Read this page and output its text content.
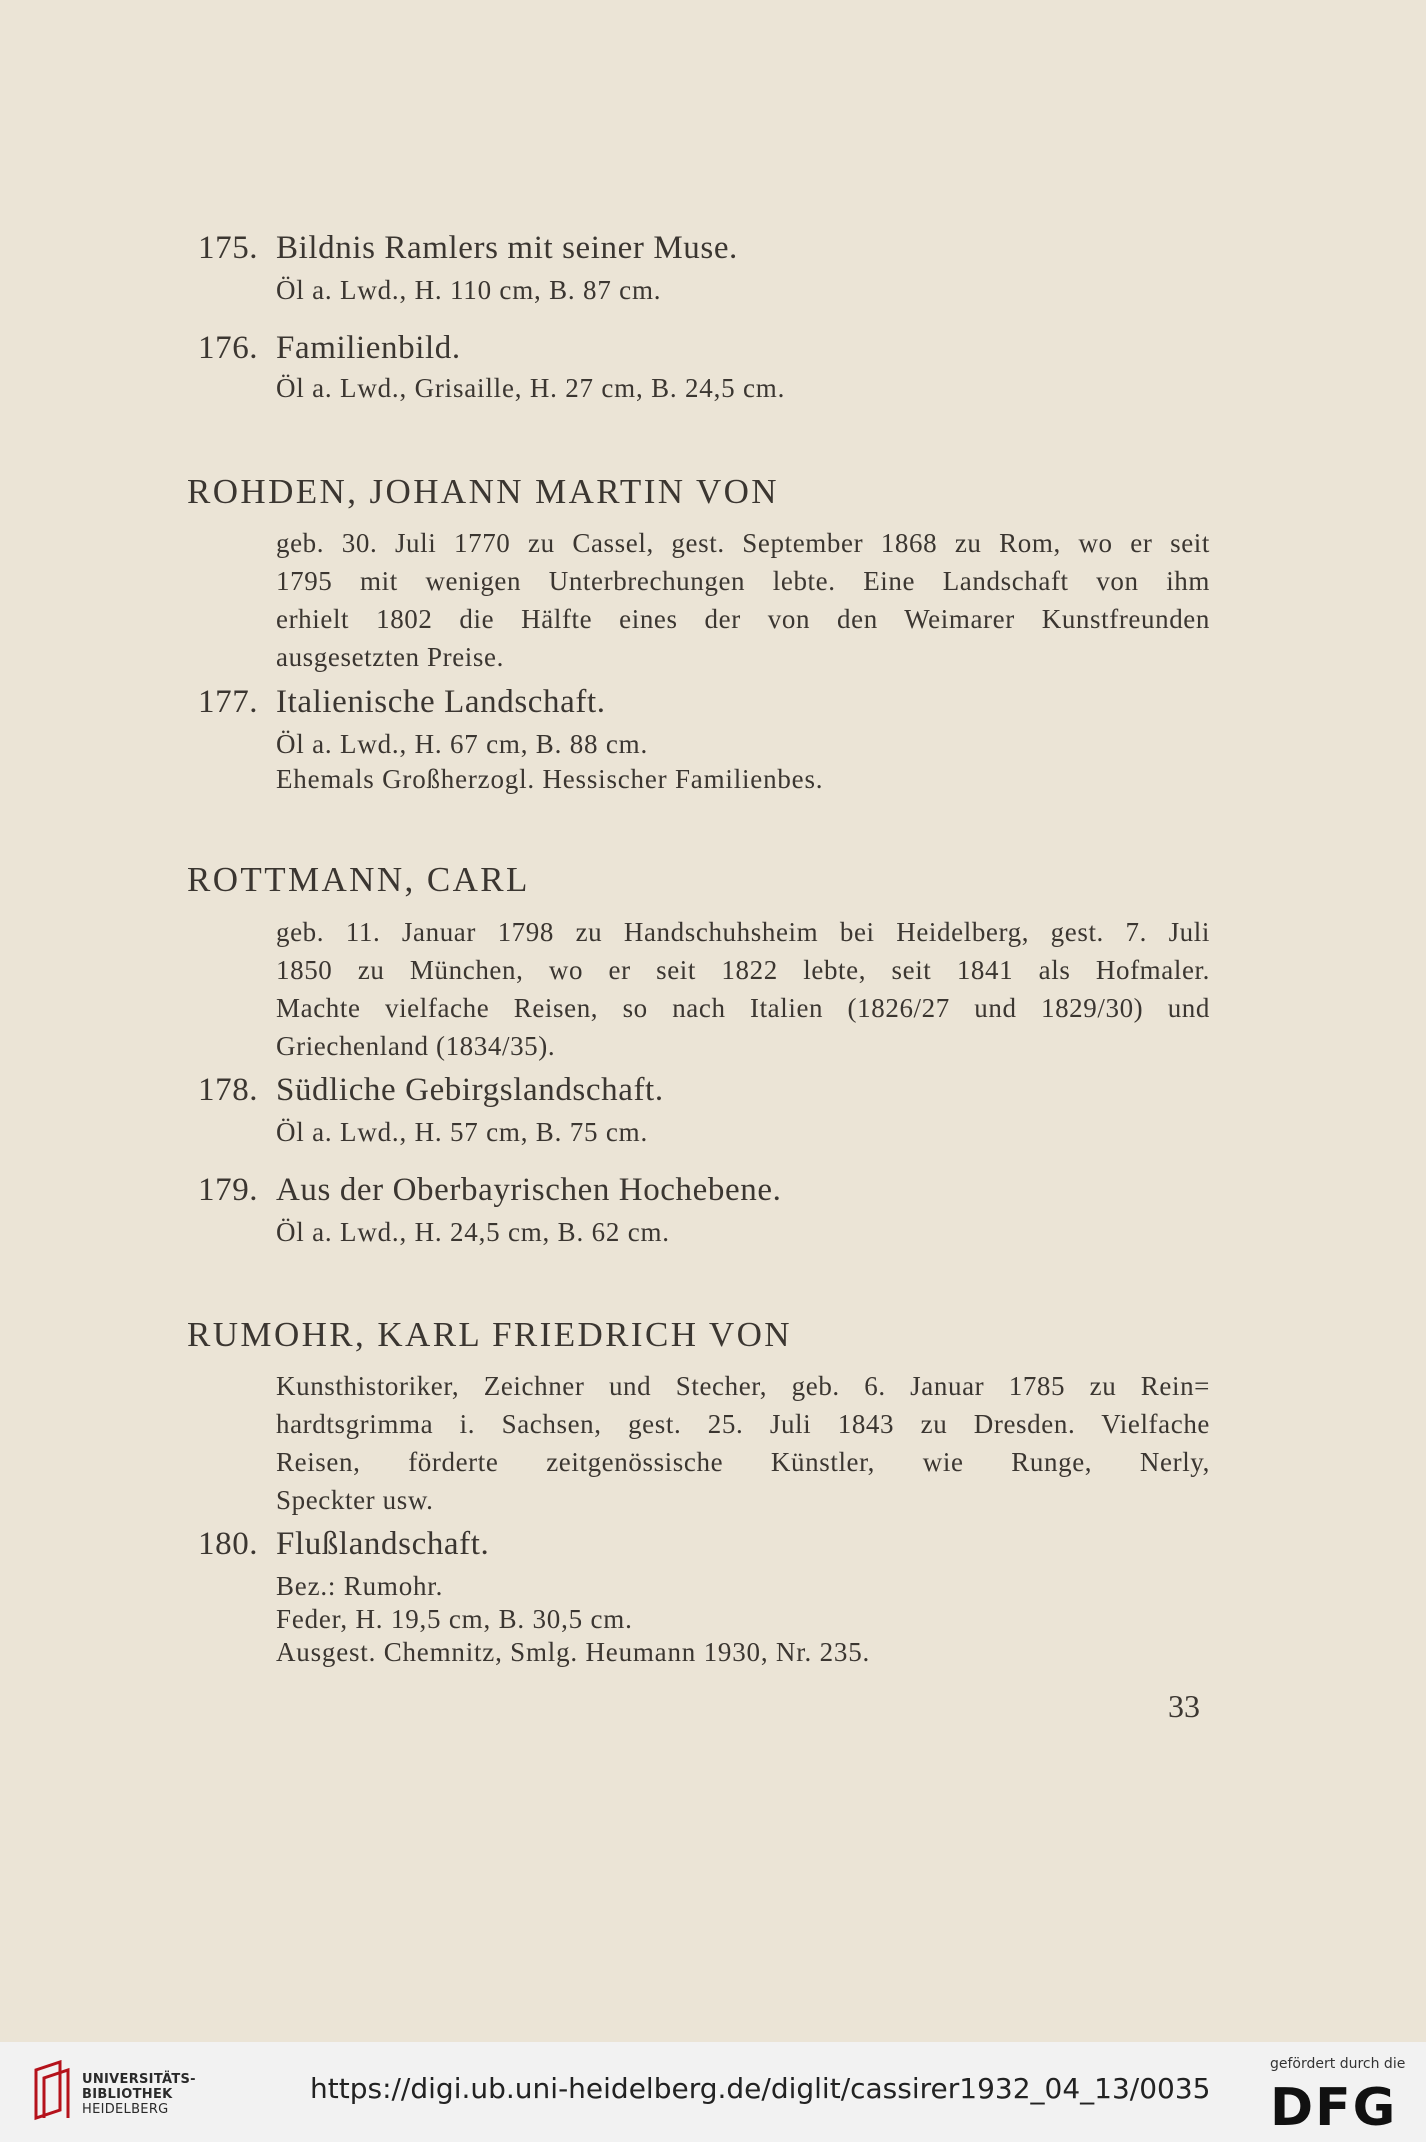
175. Bildnis Ramlers mit seiner Muse.
Öl a. Lwd., H. 110 cm, B. 87 cm.
176. Familienbild.
Öl a. Lwd., Grisaille, H. 27 cm, B. 24,5 cm.
ROHDEN, JOHANN MARTIN VON
geb. 30. Juli 1770 zu Cassel, gest. September 1868 zu Rom, wo er seit
1795 mit wenigen Unterbrechungen lebte. Eine Landschaft von ihm
erhielt 1802 die Hälfte eines der von den Weimarer Kunstfreunden
ausgesetzten Preise.
177. Italienische Landschaft.
Öl a. Lwd., H. 67 cm, B. 88 cm.
Ehemals Großherzogl. Hessischer Familienbes.
ROTTMANN, CARL
geb. 11. Januar 1798 zu Handschuhsheim bei Heidelberg, gest. 7. Juli
1850 zu München, wo er seit 1822 lebte, seit 1841 als Hofmaler.
Machte vielfache Reisen, so nach Italien (1826/27 und 1829/30) und
Griechenland (1834/35).
178. Südliche Gebirgslandschaft.
Öl a. Lwd., H. 57 cm, B. 75 cm.
179. Aus der Oberbayrischen Hochebene.
Öl a. Lwd., H. 24,5 cm, B. 62 cm.
RUMOHR, KARL FRIEDRICH VON
Kunsthistoriker, Zeichner und Stecher, geb. 6. Januar 1785 zu Rein=
hardtsgrimma i. Sachsen, gest. 25. Juli 1843 zu Dresden. Vielfache
Reisen, förderte zeitgenössische Künstler, wie Runge, Nerly,
Speckter usw.
180. Flußlandschaft.
Bez.: Rumohr.
Feder, H. 19,5 cm, B. 30,5 cm.
Ausgest. Chemnitz, Smlg. Heumann 1930, Nr. 235.
33
UNIVERSITÄTS-
BIBLIOTHEK
HEIDELBERG
https://digi.ub.uni-heidelberg.de/diglit/cassirer1932_04_13/0035
gefördert durch die
DFG
